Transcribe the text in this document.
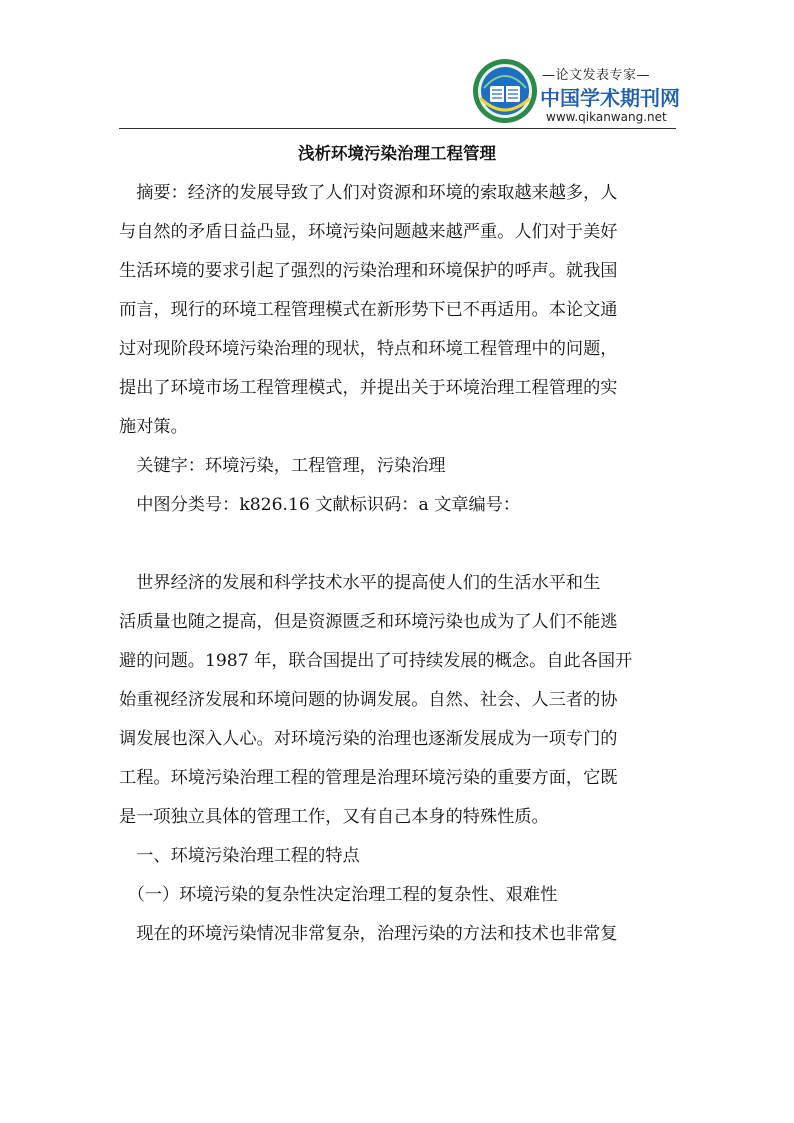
—论文发表专家—
中国学术期刊网
www.qikanwang.net
浅析环境污染治理工程管理
　摘要：经济的发展导致了人们对资源和环境的索取越来越多，人
与自然的矛盾日益凸显，环境污染问题越来越严重。人们对于美好
生活环境的要求引起了强烈的污染治理和环境保护的呼声。就我国
而言，现行的环境工程管理模式在新形势下已不再适用。本论文通
过对现阶段环境污染治理的现状，特点和环境工程管理中的问题，
提出了环境市场工程管理模式，并提出关于环境治理工程管理的实
施对策。
　关键字：环境污染，工程管理，污染治理
　中图分类号：k826.16 文献标识码：a 文章编号：
　世界经济的发展和科学技术水平的提高使人们的生活水平和生
活质量也随之提高，但是资源匮乏和环境污染也成为了人们不能逃
避的问题。1987 年，联合国提出了可持续发展的概念。自此各国开
始重视经济发展和环境问题的协调发展。自然、社会、人三者的协
调发展也深入人心。对环境污染的治理也逐渐发展成为一项专门的
工程。环境污染治理工程的管理是治理环境污染的重要方面，它既
是一项独立具体的管理工作，又有自己本身的特殊性质。
　一、环境污染治理工程的特点
　（一）环境污染的复杂性决定治理工程的复杂性、艰难性
　现在的环境污染情况非常复杂，治理污染的方法和技术也非常复
